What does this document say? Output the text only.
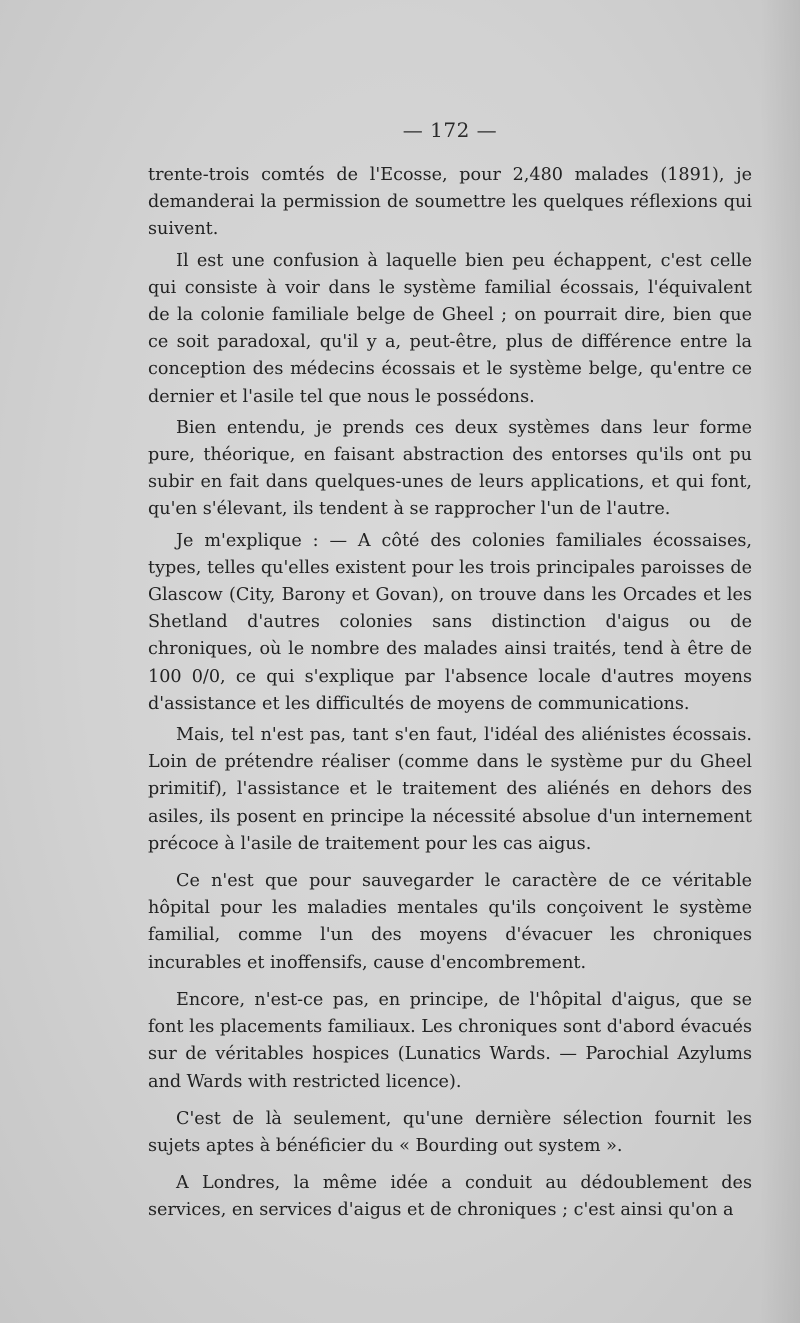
— 172 —

trente-trois comtés de l'Ecosse, pour 2,480 malades (1891), je demanderai la permission de soumettre les quelques réflexions qui suivent.

Il est une confusion à laquelle bien peu échappent, c'est celle qui consiste à voir dans le système familial écossais, l'équivalent de la colonie familiale belge de Gheel ; on pourrait dire, bien que ce soit paradoxal, qu'il y a, peut-être, plus de différence entre la conception des médecins écossais et le système belge, qu'entre ce dernier et l'asile tel que nous le possédons.

Bien entendu, je prends ces deux systèmes dans leur forme pure, théorique, en faisant abstraction des entorses qu'ils ont pu subir en fait dans quelques-unes de leurs applications, et qui font, qu'en s'élevant, ils tendent à se rapprocher l'un de l'autre.

Je m'explique : — A côté des colonies familiales écossaises, types, telles qu'elles existent pour les trois principales paroisses de Glascow (City, Barony et Govan), on trouve dans les Orcades et les Shetland d'autres colonies sans distinction d'aigus ou de chroniques, où le nombre des malades ainsi traités, tend à être de 100 0/0, ce qui s'explique par l'absence locale d'autres moyens d'assistance et les difficultés de moyens de communications.

Mais, tel n'est pas, tant s'en faut, l'idéal des aliénistes écossais. Loin de prétendre réaliser (comme dans le système pur du Gheel primitif), l'assistance et le traitement des aliénés en dehors des asiles, ils posent en principe la nécessité absolue d'un internement précoce à l'asile de traitement pour les cas aigus.

Ce n'est que pour sauvegarder le caractère de ce véritable hôpital pour les maladies mentales qu'ils conçoivent le système familial, comme l'un des moyens d'évacuer les chroniques incurables et inoffensifs, cause d'encombrement.

Encore, n'est-ce pas, en principe, de l'hôpital d'aigus, que se font les placements familiaux. Les chroniques sont d'abord évacués sur de véritables hospices (Lunatics Wards. — Parochial Azylums and Wards with restricted licence).

C'est de là seulement, qu'une dernière sélection fournit les sujets aptes à bénéficier du « Bourding out system ».

A Londres, la même idée a conduit au dédoublement des services, en services d'aigus et de chroniques ; c'est ainsi qu'on a
